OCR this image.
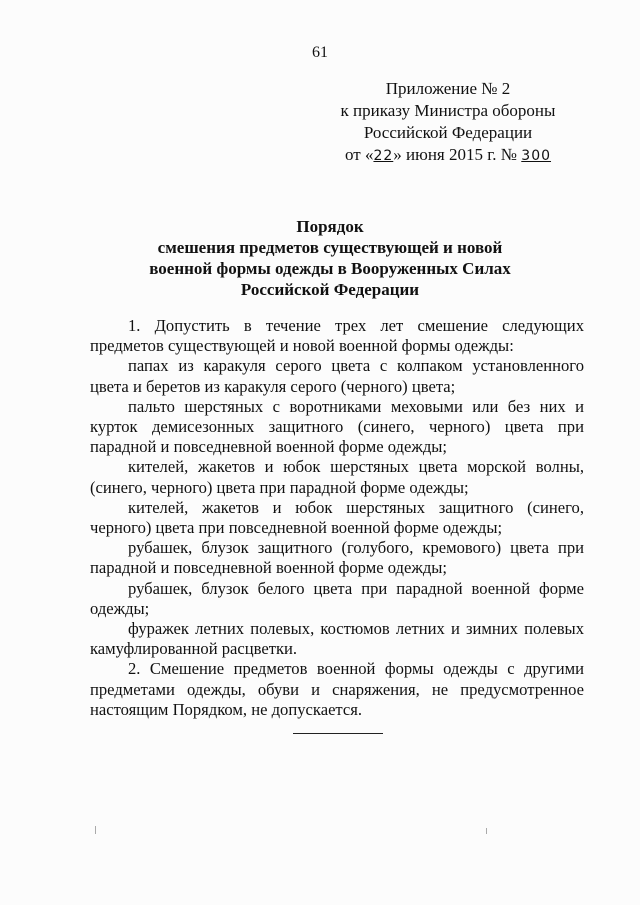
61
Приложение № 2
к приказу Министра обороны
Российской Федерации
от «22» июня 2015 г. № 300
Порядок
смешения предметов существующей и новой
военной формы одежды в Вооруженных Силах
Российской Федерации

1. Допустить в течение трех лет смешение следующих предметов существующей и новой военной формы одежды:

папах из каракуля серого цвета с колпаком установленного цвета и беретов из каракуля серого (черного) цвета;

пальто шерстяных с воротниками меховыми или без них и курток демисезонных защитного (синего, черного) цвета при парадной и повседневной военной форме одежды;

кителей, жакетов и юбок шерстяных цвета морской волны, (синего, черного) цвета при парадной форме одежды;

кителей, жакетов и юбок шерстяных защитного (синего, черного) цвета при повседневной военной форме одежды;

рубашек, блузок защитного (голубого, кремового) цвета при парадной и повседневной военной форме одежды;

рубашек, блузок белого цвета при парадной военной форме одежды;

фуражек летних полевых, костюмов летних и зимних полевых камуфлированной расцветки.

2. Смешение предметов военной формы одежды с другими предметами одежды, обуви и снаряжения, не предусмотренное настоящим Порядком, не допускается.
